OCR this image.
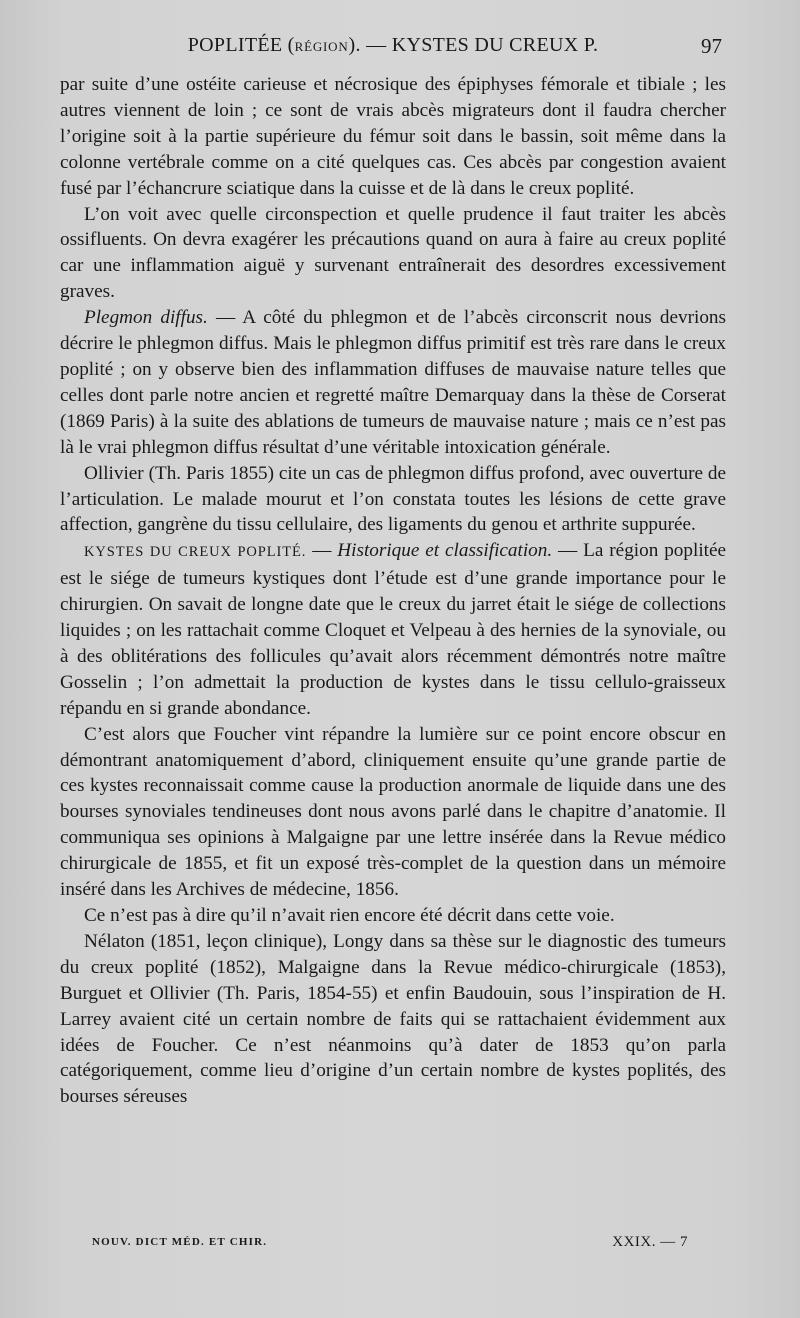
POPLITÉE (RÉGION). — KYSTES DU CREUX P.	97

par suite d’une ostéite carieuse et nécrosique des épiphyses fémorale et tibiale ; les autres viennent de loin ; ce sont de vrais abcès migrateurs dont il faudra chercher l’origine soit à la partie supérieure du fémur soit dans le bassin, soit même dans la colonne vertébrale comme on a cité quelques cas. Ces abcès par congestion avaient fusé par l’échancrure sciatique dans la cuisse et de là dans le creux poplité.

L’on voit avec quelle circonspection et quelle prudence il faut traiter les abcès ossifluents. On devra exagérer les précautions quand on aura à faire au creux poplité car une inflammation aiguë y survenant entraînerait des desordres excessivement graves.

Plegmon diffus. — A côté du phlegmon et de l’abcès circonscrit nous devrions décrire le phlegmon diffus. Mais le phlegmon diffus primitif est très rare dans le creux poplité ; on y observe bien des inflammation diffuses de mauvaise nature telles que celles dont parle notre ancien et regretté maître Demarquay dans la thèse de Corserat (1869 Paris) à la suite des ablations de tumeurs de mauvaise nature ; mais ce n’est pas là le vrai phlegmon diffus résultat d’une véritable intoxication générale.

Ollivier (Th. Paris 1855) cite un cas de phlegmon diffus profond, avec ouverture de l’articulation. Le malade mourut et l’on constata toutes les lésions de cette grave affection, gangrène du tissu cellulaire, des ligaments du genou et arthrite suppurée.

KYSTES DU CREUX POPLITÉ. — Historique et classification. — La région poplitée est le siége de tumeurs kystiques dont l’étude est d’une grande importance pour le chirurgien. On savait de longne date que le creux du jarret était le siége de collections liquides ; on les rattachait comme Cloquet et Velpeau à des hernies de la synoviale, ou à des oblitérations des follicules qu’avait alors récemment démontrés notre maître Gosselin ; l’on admettait la production de kystes dans le tissu cellulo-graisseux répandu en si grande abondance.

C’est alors que Foucher vint répandre la lumière sur ce point encore obscur en démontrant anatomiquement d’abord, cliniquement ensuite qu’une grande partie de ces kystes reconnaissait comme cause la production anormale de liquide dans une des bourses synoviales tendineuses dont nous avons parlé dans le chapitre d’anatomie. Il communiqua ses opinions à Malgaigne par une lettre insérée dans la Revue médico chirurgicale de 1855, et fit un exposé très-complet de la question dans un mémoire inséré dans les Archives de médecine, 1856.

Ce n’est pas à dire qu’il n’avait rien encore été décrit dans cette voie.

Nélaton (1851, leçon clinique), Longy dans sa thèse sur le diagnostic des tumeurs du creux poplité (1852), Malgaigne dans la Revue médico-chirurgicale (1853), Burguet et Ollivier (Th. Paris, 1854-55) et enfin Baudouin, sous l’inspiration de H. Larrey avaient cité un certain nombre de faits qui se rattachaient évidemment aux idées de Foucher. Ce n’est néanmoins qu’à dater de 1853 qu’on parla catégoriquement, comme lieu d’origine d’un certain nombre de kystes poplités, des bourses séreuses

NOUV. DICT MÉD. ET CHIR.	XXIX. — 7
